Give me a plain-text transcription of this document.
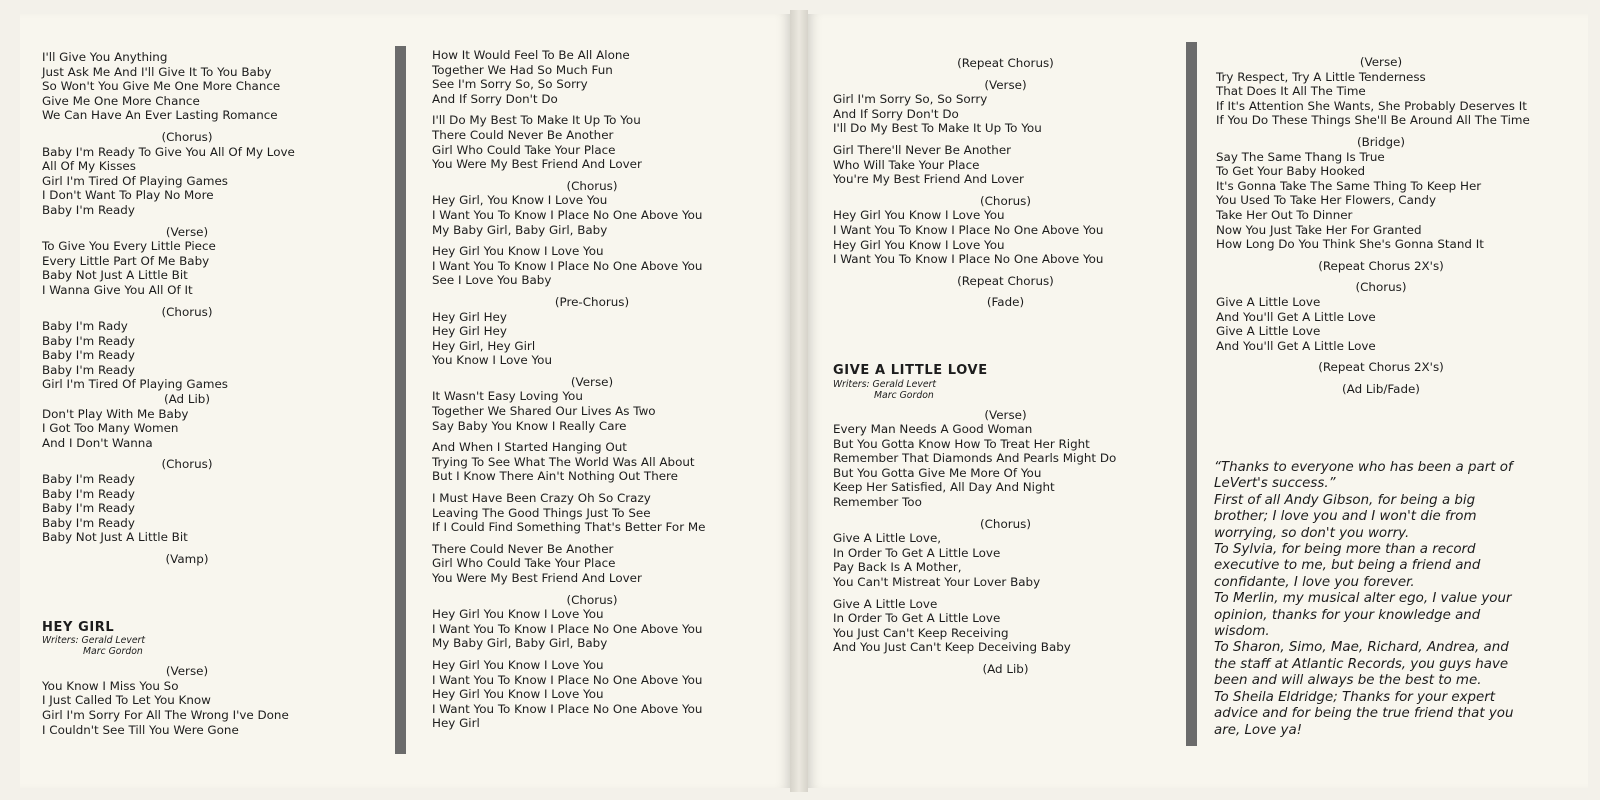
I'll Give You Anything
Just Ask Me And I'll Give It To You Baby
So Won't You Give Me One More Chance
Give Me One More Chance
We Can Have An Ever Lasting Romance
(Chorus)
Baby I'm Ready To Give You All Of My Love
All Of My Kisses
Girl I'm Tired Of Playing Games
I Don't Want To Play No More
Baby I'm Ready
(Verse)
To Give You Every Little Piece
Every Little Part Of Me Baby
Baby Not Just A Little Bit
I Wanna Give You All Of It
(Chorus)
Baby I'm Rady
Baby I'm Ready
Baby I'm Ready
Baby I'm Ready
Girl I'm Tired Of Playing Games
(Ad Lib)
Don't Play With Me Baby
I Got Too Many Women
And I Don't Wanna
(Chorus)
Baby I'm Ready
Baby I'm Ready
Baby I'm Ready
Baby I'm Ready
Baby Not Just A Little Bit
(Vamp)
HEY GIRL
Writers: Gerald Levert
Marc Gordon
(Verse)
You Know I Miss You So
I Just Called To Let You Know
Girl I'm Sorry For All The Wrong I've Done
I Couldn't See Till You Were Gone
How It Would Feel To Be All Alone
Together We Had So Much Fun
See I'm Sorry So, So Sorry
And If Sorry Don't Do
I'll Do My Best To Make It Up To You
There Could Never Be Another
Girl Who Could Take Your Place
You Were My Best Friend And Lover
(Chorus)
Hey Girl, You Know I Love You
I Want You To Know I Place No One Above You
My Baby Girl, Baby Girl, Baby
Hey Girl You Know I Love You
I Want You To Know I Place No One Above You
See I Love You Baby
(Pre-Chorus)
Hey Girl Hey
Hey Girl Hey
Hey Girl, Hey Girl
You Know I Love You
(Verse)
It Wasn't Easy Loving You
Together We Shared Our Lives As Two
Say Baby You Know I Really Care
And When I Started Hanging Out
Trying To See What The World Was All About
But I Know There Ain't Nothing Out There
I Must Have Been Crazy Oh So Crazy
Leaving The Good Things Just To See
If I Could Find Something That's Better For Me
There Could Never Be Another
Girl Who Could Take Your Place
You Were My Best Friend And Lover
(Chorus)
Hey Girl You Know I Love You
I Want You To Know I Place No One Above You
My Baby Girl, Baby Girl, Baby
Hey Girl You Know I Love You
I Want You To Know I Place No One Above You
Hey Girl You Know I Love You
I Want You To Know I Place No One Above You
Hey Girl
(Repeat Chorus)
(Verse)
Girl I'm Sorry So, So Sorry
And If Sorry Don't Do
I'll Do My Best To Make It Up To You
Girl There'll Never Be Another
Who Will Take Your Place
You're My Best Friend And Lover
(Chorus)
Hey Girl You Know I Love You
I Want You To Know I Place No One Above You
Hey Girl You Know I Love You
I Want You To Know I Place No One Above You
(Repeat Chorus)
(Fade)
GIVE A LITTLE LOVE
Writers: Gerald Levert
Marc Gordon
(Verse)
Every Man Needs A Good Woman
But You Gotta Know How To Treat Her Right
Remember That Diamonds And Pearls Might Do
But You Gotta Give Me More Of You
Keep Her Satisfied, All Day And Night
Remember Too
(Chorus)
Give A Little Love,
In Order To Get A Little Love
Pay Back Is A Mother,
You Can't Mistreat Your Lover Baby
Give A Little Love
In Order To Get A Little Love
You Just Can't Keep Receiving
And You Just Can't Keep Deceiving Baby
(Ad Lib)
(Verse)
Try Respect, Try A Little Tenderness
That Does It All The Time
If It's Attention She Wants, She Probably Deserves It
If You Do These Things She'll Be Around All The Time
(Bridge)
Say The Same Thang Is True
To Get Your Baby Hooked
It's Gonna Take The Same Thing To Keep Her
You Used To Take Her Flowers, Candy
Take Her Out To Dinner
Now You Just Take Her For Granted
How Long Do You Think She's Gonna Stand It
(Repeat Chorus 2X's)
(Chorus)
Give A Little Love
And You'll Get A Little Love
Give A Little Love
And You'll Get A Little Love
(Repeat Chorus 2X's)
(Ad Lib/Fade)
“Thanks to everyone who has been a part of
LeVert's success.”
First of all Andy Gibson, for being a big
brother; I love you and I won't die from
worrying, so don't you worry.
To Sylvia, for being more than a record
executive to me, but being a friend and
confidante, I love you forever.
To Merlin, my musical alter ego, I value your
opinion, thanks for your knowledge and
wisdom.
To Sharon, Simo, Mae, Richard, Andrea, and
the staff at Atlantic Records, you guys have
been and will always be the best to me.
To Sheila Eldridge; Thanks for your expert
advice and for being the true friend that you
are, Love ya!
